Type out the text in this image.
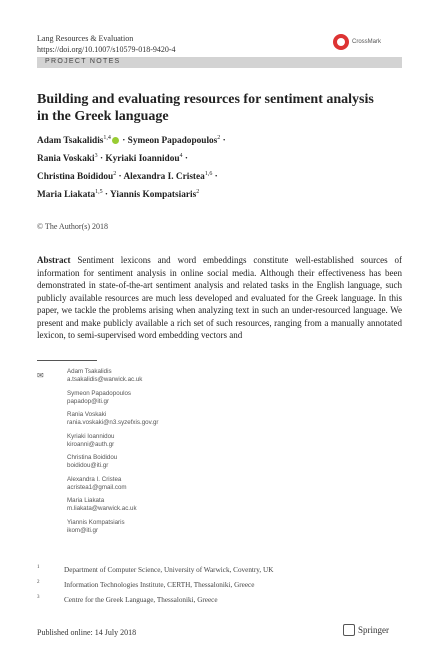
Lang Resources & Evaluation
https://doi.org/10.1007/s10579-018-9420-4
CrossMark
PROJECT NOTES
Building and evaluating resources for sentiment analysis in the Greek language
Adam Tsakalidis$^{1,4}$ · Symeon Papadopoulos$^2$ ·
Rania Voskaki$^3$ · Kyriaki Ioannidou$^4$ ·
Christina Boididou$^2$ · Alexandra I. Cristea$^{1,6}$ ·
Maria Liakata$^{1,5}$ · Yiannis Kompatsiaris$^2$
© The Author(s) 2018
Abstract Sentiment lexicons and word embeddings constitute well-established sources of information for sentiment analysis in online social media. Although their effectiveness has been demonstrated in state-of-the-art sentiment analysis and related tasks in the English language, such publicly available resources are much less developed and evaluated for the Greek language. In this paper, we tackle the problems arising when analyzing text in such an under-resourced language. We present and make publicly available a rich set of such resources, ranging from a manually annotated lexicon, to semi-supervised word embedding vectors and
✉	Adam Tsakalidis
a.tsakalidis@warwick.ac.uk
Symeon Papadopoulos
papadop@iti.gr
Rania Voskaki
rania.voskaki@n3.syzefxis.gov.gr
Kyriaki Ioannidou
kiroanni@auth.gr
Christina Boididou
boididou@iti.gr
Alexandra I. Cristea
acristea1@gmail.com
Maria Liakata
m.liakata@warwick.ac.uk
Yiannis Kompatsiaris
ikom@iti.gr
1	Department of Computer Science, University of Warwick, Coventry, UK
2	Information Technologies Institute, CERTH, Thessaloniki, Greece
3	Centre for the Greek Language, Thessaloniki, Greece
Published online: 14 July 2018	Springer
